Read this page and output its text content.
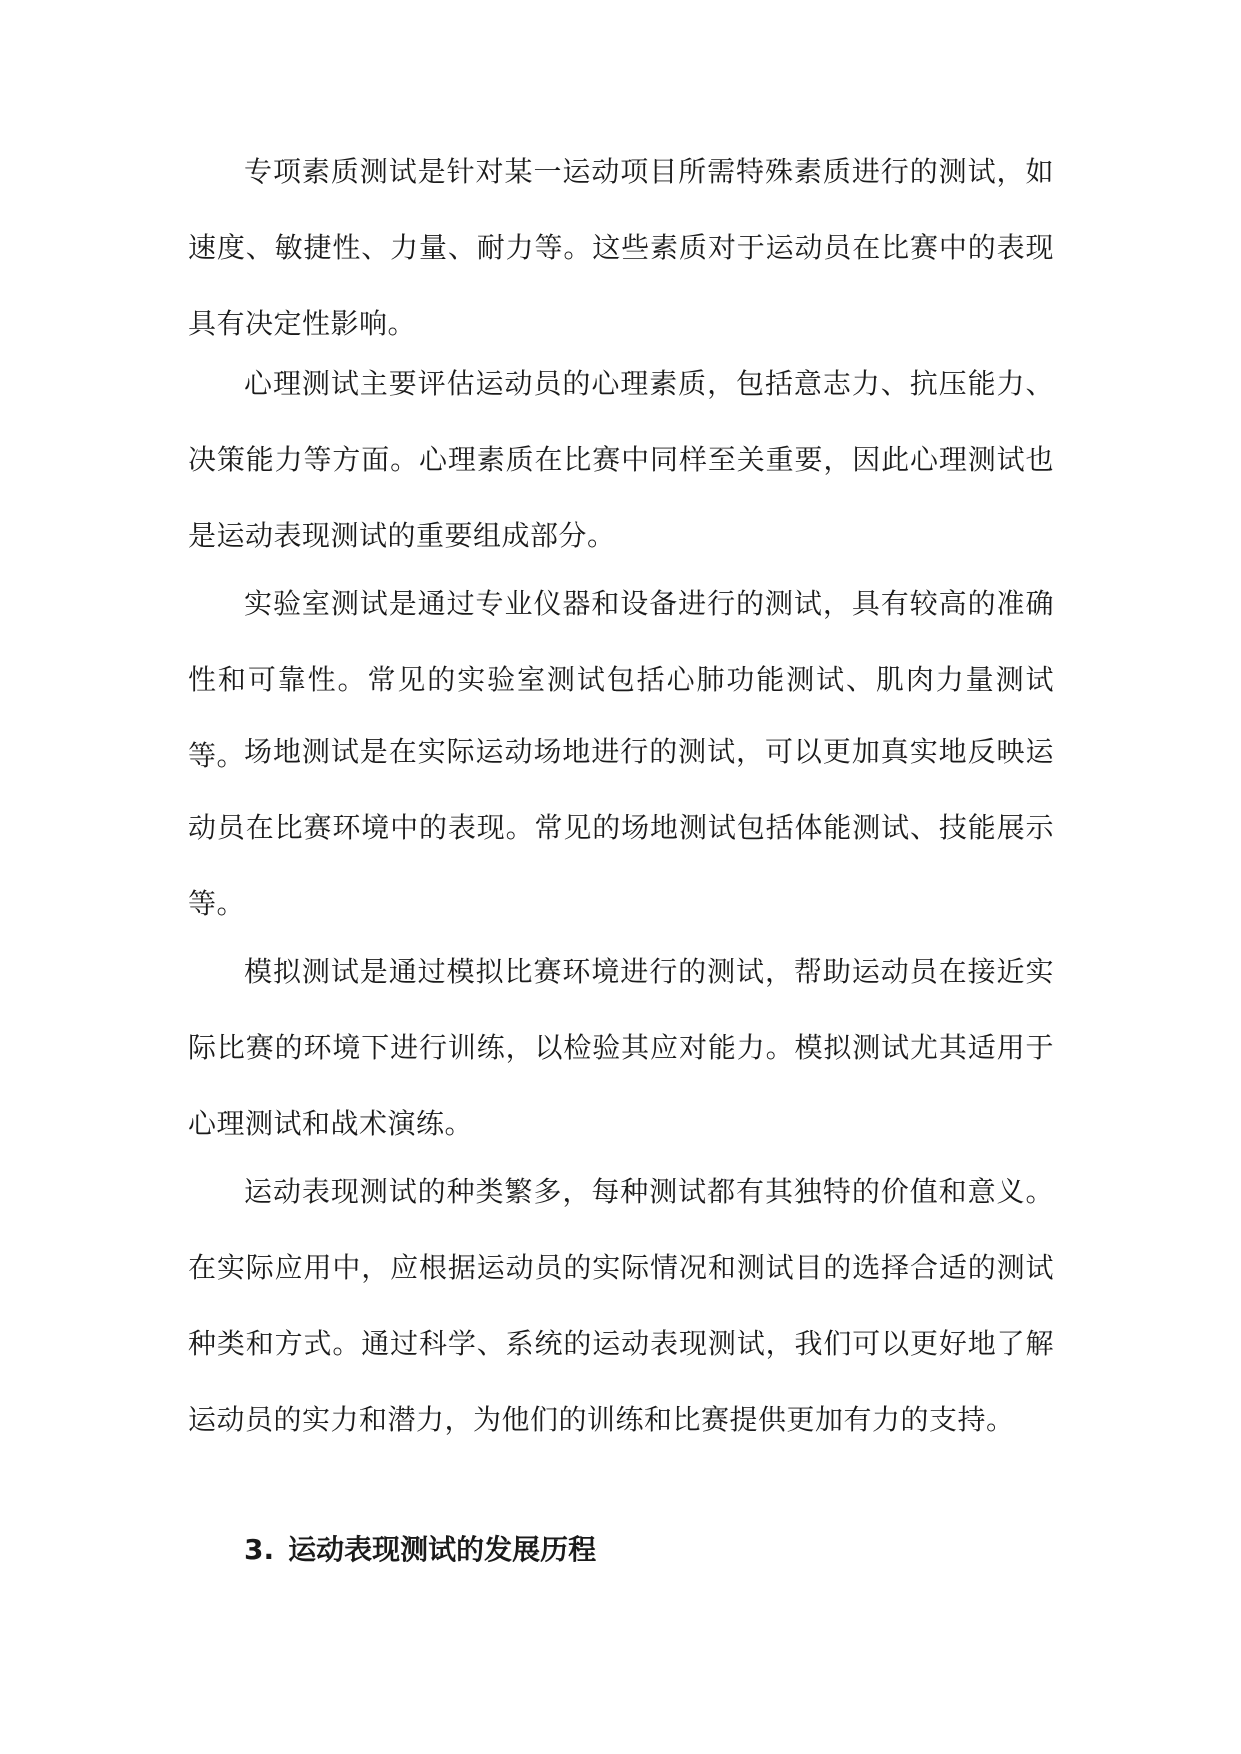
专项素质测试是针对某一运动项目所需特殊素质进行的测试，如速度、敏捷性、力量、耐力等。这些素质对于运动员在比赛中的表现具有决定性影响。

心理测试主要评估运动员的心理素质，包括意志力、抗压能力、决策能力等方面。心理素质在比赛中同样至关重要，因此心理测试也是运动表现测试的重要组成部分。

实验室测试是通过专业仪器和设备进行的测试，具有较高的准确性和可靠性。常见的实验室测试包括心肺功能测试、肌肉力量测试等。

场地测试是在实际运动场地进行的测试，可以更加真实地反映运动员在比赛环境中的表现。常见的场地测试包括体能测试、技能展示等。

模拟测试是通过模拟比赛环境进行的测试，帮助运动员在接近实际比赛的环境下进行训练，以检验其应对能力。模拟测试尤其适用于心理测试和战术演练。

运动表现测试的种类繁多，每种测试都有其独特的价值和意义。在实际应用中，应根据运动员的实际情况和测试目的选择合适的测试种类和方式。通过科学、系统的运动表现测试，我们可以更好地了解运动员的实力和潜力，为他们的训练和比赛提供更加有力的支持。

3. 运动表现测试的发展历程
